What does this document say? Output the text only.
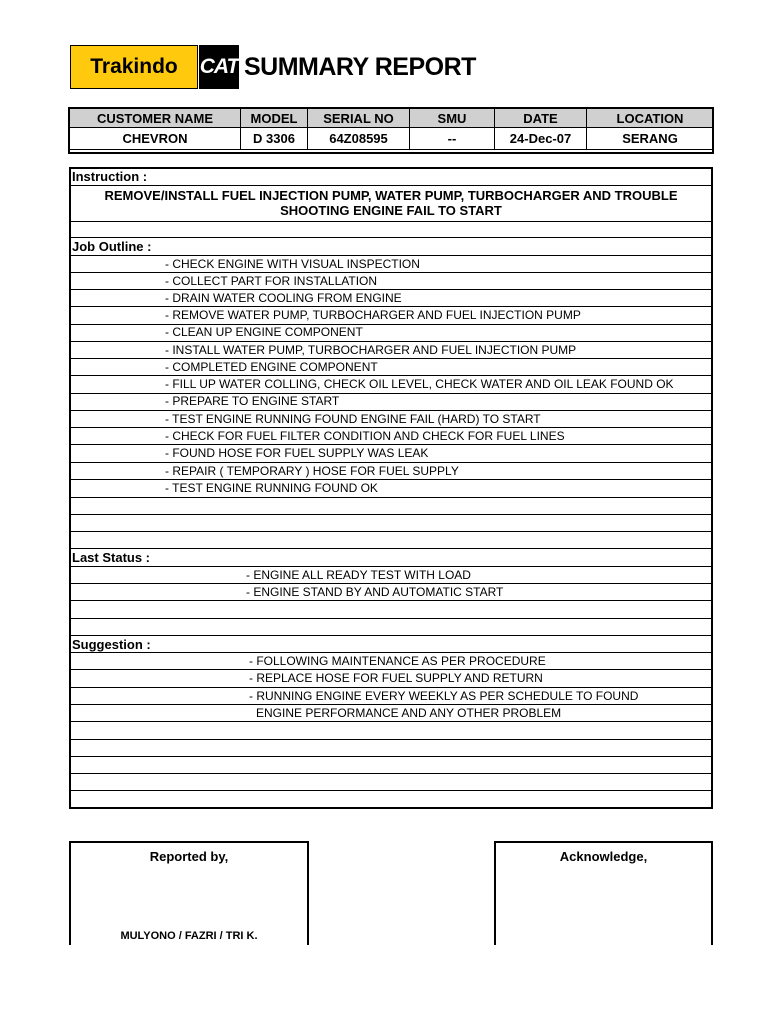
Trakindo CAT SUMMARY REPORT
CUSTOMER NAME	MODEL	SERIAL NO	SMU	DATE	LOCATION
CHEVRON	D 3306	64Z08595	--	24-Dec-07	SERANG
Instruction :
REMOVE/INSTALL FUEL INJECTION PUMP, WATER PUMP, TURBOCHARGER AND TROUBLE
SHOOTING ENGINE FAIL TO START
Job Outline :
- CHECK ENGINE WITH VISUAL INSPECTION
- COLLECT PART FOR INSTALLATION
- DRAIN WATER COOLING FROM ENGINE
- REMOVE WATER PUMP, TURBOCHARGER AND FUEL INJECTION PUMP
- CLEAN UP ENGINE COMPONENT
- INSTALL WATER PUMP, TURBOCHARGER AND FUEL INJECTION PUMP
- COMPLETED ENGINE COMPONENT
- FILL UP WATER COLLING, CHECK OIL LEVEL, CHECK WATER AND OIL LEAK FOUND OK
- PREPARE TO ENGINE START
- TEST ENGINE RUNNING FOUND ENGINE FAIL (HARD) TO START
- CHECK FOR FUEL FILTER CONDITION AND CHECK FOR FUEL LINES
- FOUND HOSE FOR FUEL SUPPLY WAS LEAK
- REPAIR ( TEMPORARY ) HOSE FOR FUEL SUPPLY
- TEST ENGINE RUNNING FOUND OK
Last Status :
- ENGINE ALL READY TEST WITH LOAD
- ENGINE STAND BY AND AUTOMATIC START
Suggestion :
- FOLLOWING MAINTENANCE AS PER PROCEDURE
- REPLACE HOSE FOR FUEL SUPPLY AND RETURN
- RUNNING ENGINE EVERY WEEKLY AS PER SCHEDULE TO FOUND
ENGINE PERFORMANCE AND ANY OTHER PROBLEM
Reported by,
MULYONO / FAZRI / TRI K.
Acknowledge,
